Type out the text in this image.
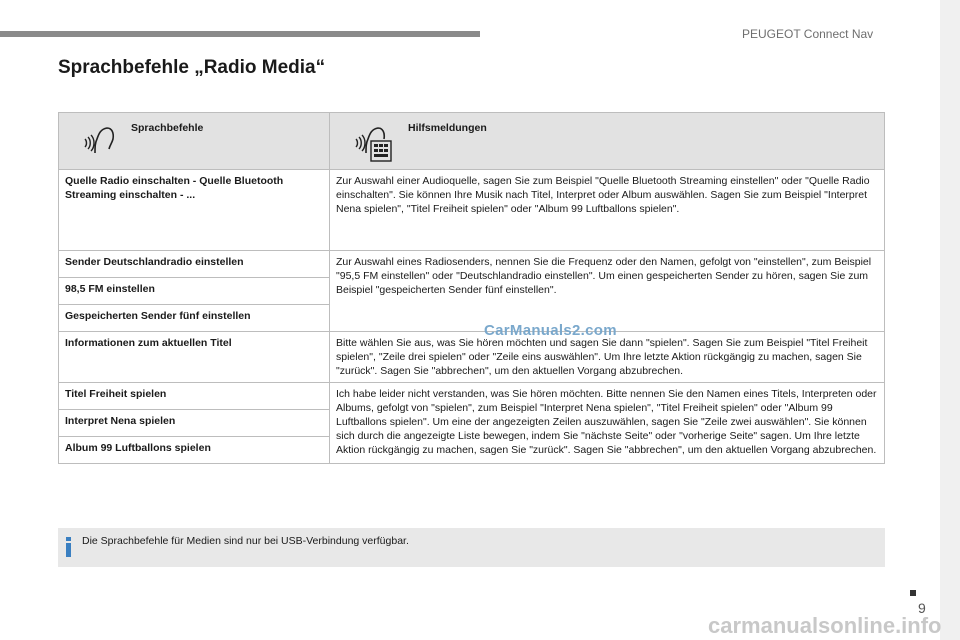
PEUGEOT Connect Nav
Sprachbefehle „Radio Media“
Sprachbefehle	Hilfsmeldungen

Quelle Radio einschalten - Quelle Bluetooth Streaming einschalten - ...	Zur Auswahl einer Audioquelle, sagen Sie zum Beispiel "Quelle Bluetooth Streaming einstellen" oder "Quelle Radio einschalten". Sie können Ihre Musik nach Titel, Interpret oder Album auswählen. Sagen Sie zum Beispiel "Interpret Nena spielen", "Titel Freiheit spielen" oder "Album 99 Luftballons spielen".
Sender Deutschlandradio einstellen	Zur Auswahl eines Radiosenders, nennen Sie die Frequenz oder den Namen, gefolgt von "einstellen", zum Beispiel "95,5 FM einstellen" oder "Deutschlandradio einstellen". Um einen gespeicherten Sender zu hören, sagen Sie zum Beispiel "gespeicherten Sender fünf einstellen".
98,5 FM einstellen	
Gespeicherten Sender fünf einstellen	
Informationen zum aktuellen Titel	Bitte wählen Sie aus, was Sie hören möchten und sagen Sie dann "spielen". Sagen Sie zum Beispiel "Titel Freiheit spielen", "Zeile drei spielen" oder "Zeile eins auswählen". Um Ihre letzte Aktion rückgängig zu machen, sagen Sie "zurück". Sagen Sie "abbrechen", um den aktuellen Vorgang abzubrechen.
Titel Freiheit spielen	Ich habe leider nicht verstanden, was Sie hören möchten. Bitte nennen Sie den Namen eines Titels, Interpreten oder Albums, gefolgt von "spielen", zum Beispiel "Interpret Nena spielen", "Titel Freiheit spielen" oder "Album 99 Luftballons spielen". Um eine der angezeigten Zeilen auszuwählen, sagen Sie "Zeile zwei auswählen". Sie können sich durch die angezeigte Liste bewegen, indem Sie "nächste Seite" oder "vorherige Seite" sagen. Um Ihre letzte Aktion rückgängig zu machen, sagen Sie "zurück". Sagen Sie "abbrechen", um den aktuellen Vorgang abzubrechen.
Interpret Nena spielen	
Album 99 Luftballons spielen	
CarManuals2.com
Die Sprachbefehle für Medien sind nur bei USB-Verbindung verfügbar.
9
carmanualsonline.info
